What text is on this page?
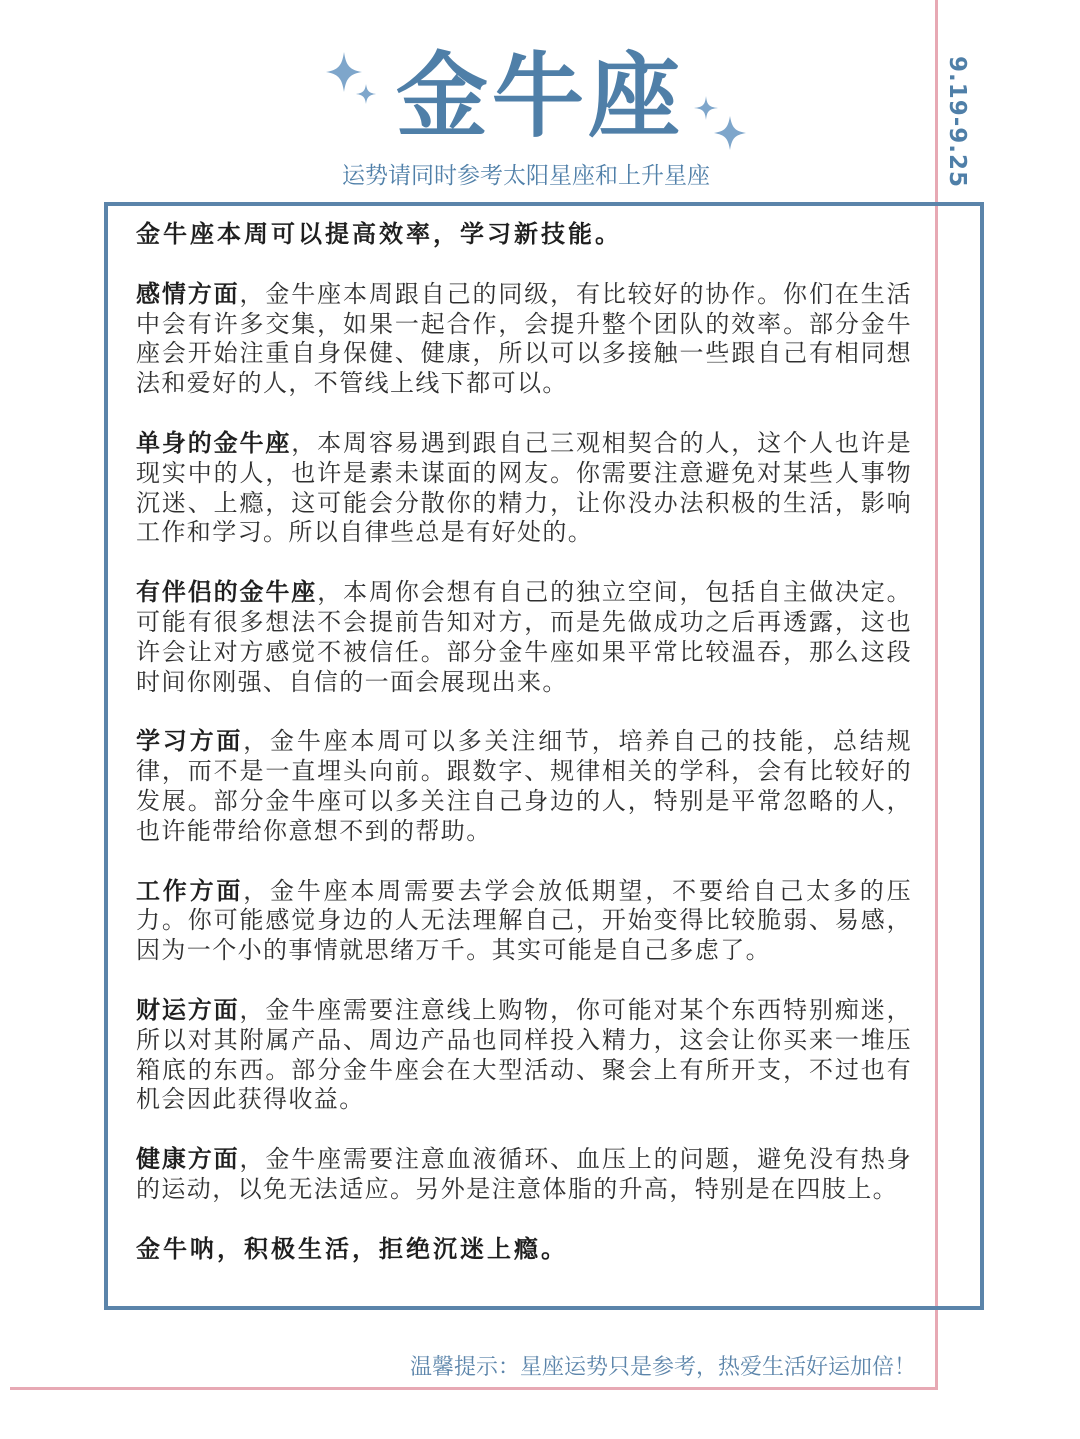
金牛座
运势请同时参考太阳星座和上升星座	9.19-9.25

金牛座本周可以提高效率，学习新技能。

感情方面，金牛座本周跟自己的同级，有比较好的协作。你们在生活中会有许多交集，如果一起合作，会提升整个团队的效率。部分金牛座会开始注重自身保健、健康，所以可以多接触一些跟自己有相同想法和爱好的人，不管线上线下都可以。

单身的金牛座，本周容易遇到跟自己三观相契合的人，这个人也许是现实中的人，也许是素未谋面的网友。你需要注意避免对某些人事物沉迷、上瘾，这可能会分散你的精力，让你没办法积极的生活，影响工作和学习。所以自律些总是有好处的。

有伴侣的金牛座，本周你会想有自己的独立空间，包括自主做决定。可能有很多想法不会提前告知对方，而是先做成功之后再透露，这也许会让对方感觉不被信任。部分金牛座如果平常比较温吞，那么这段时间你刚强、自信的一面会展现出来。

学习方面，金牛座本周可以多关注细节，培养自己的技能，总结规律，而不是一直埋头向前。跟数字、规律相关的学科，会有比较好的发展。部分金牛座可以多关注自己身边的人，特别是平常忽略的人，也许能带给你意想不到的帮助。

工作方面，金牛座本周需要去学会放低期望，不要给自己太多的压力。你可能感觉身边的人无法理解自己，开始变得比较脆弱、易感，因为一个小的事情就思绪万千。其实可能是自己多虑了。

财运方面，金牛座需要注意线上购物，你可能对某个东西特别痴迷，所以对其附属产品、周边产品也同样投入精力，这会让你买来一堆压箱底的东西。部分金牛座会在大型活动、聚会上有所开支，不过也有机会因此获得收益。

健康方面，金牛座需要注意血液循环、血压上的问题，避免没有热身的运动，以免无法适应。另外是注意体脂的升高，特别是在四肢上。

金牛呐，积极生活，拒绝沉迷上瘾。

温馨提示：星座运势只是参考，热爱生活好运加倍！
